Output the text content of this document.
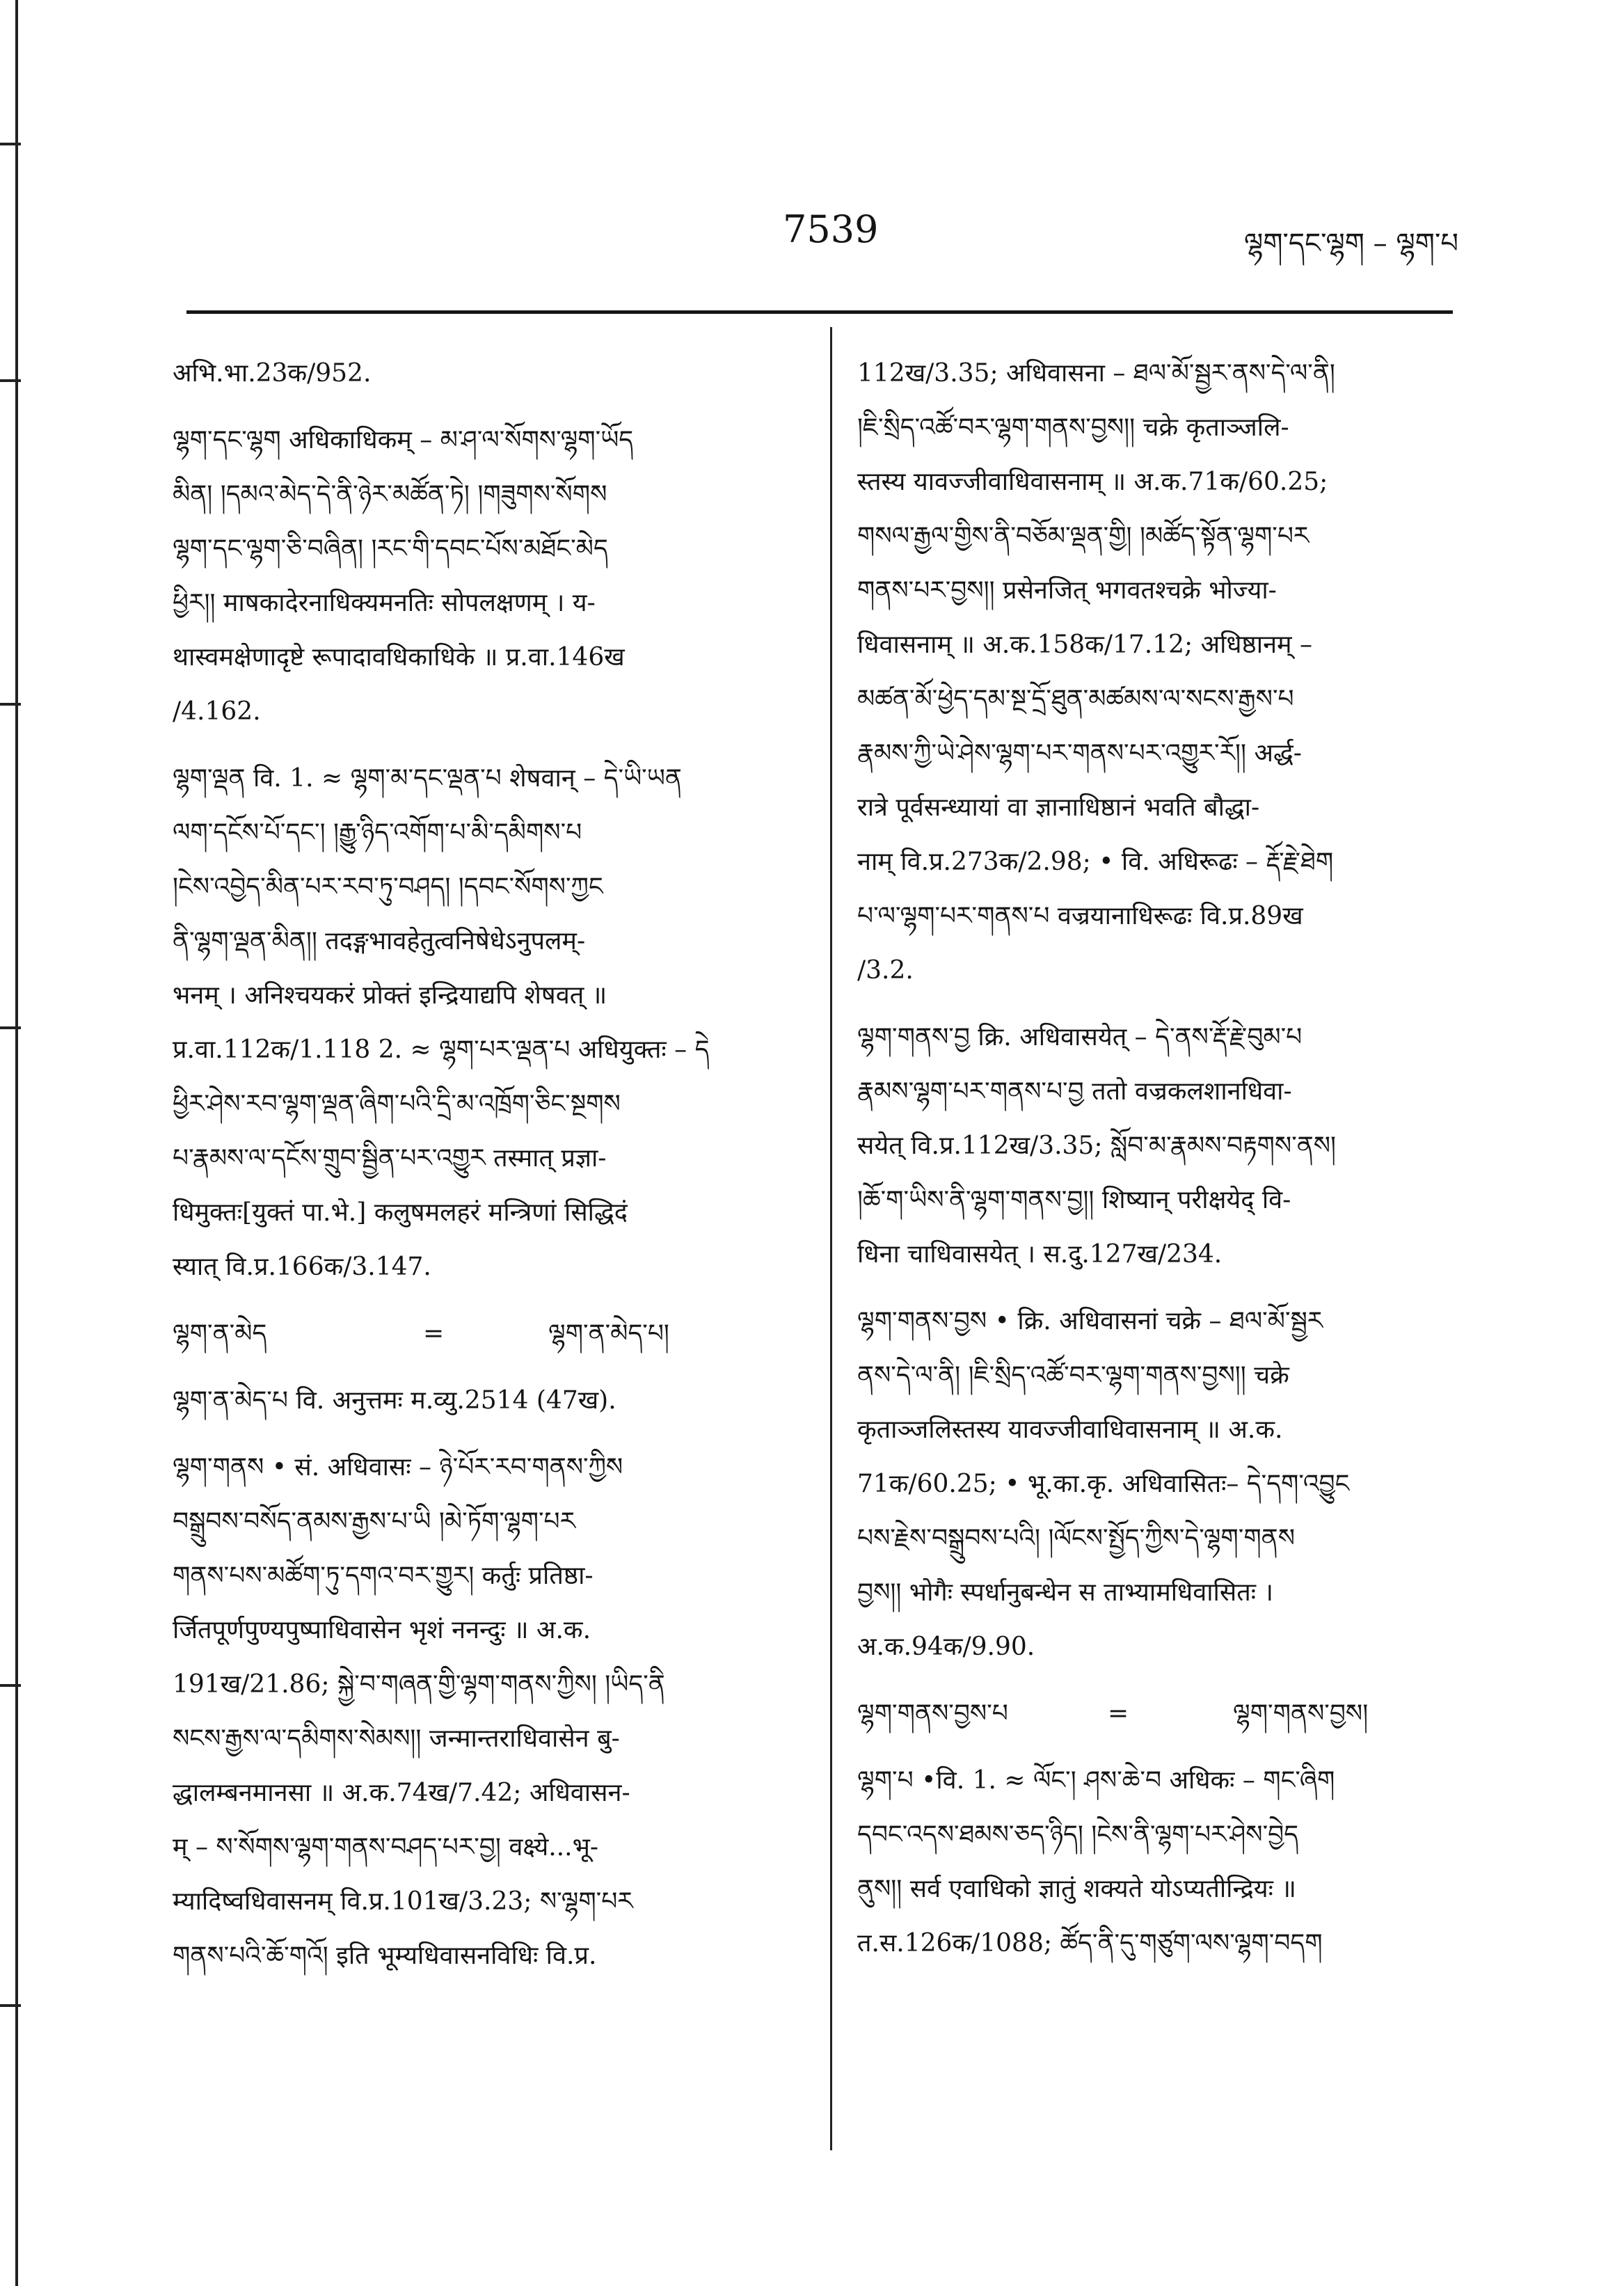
7539	ལྷག་དང་ལྷག – ལྷག་པ
अभि.भा.23क/952.
ལྷག་དང་ལྷག अधिकाधिकम् – མ་ཤ་ལ་སོགས་ལྷག་ཡོད
མིན། །དམའ་མེད་དེ་ནི་ཉེར་མཚོན་ཏེ། །གཟུགས་སོགས
ལྷག་དང་ལྷག་ཅི་བཞིན། །རང་གི་དབང་པོས་མཐོང་མེད
ཕྱིར།། माषकादेरनाधिक्यमनतिः सोपलक्षणम् । य-
थास्वमक्षेणादृष्टे रूपादावधिकाधिके ॥ प्र.वा.146ख
/4.162.
ལྷག་ལྡན वि. 1. ≈ ལྷག་མ་དང་ལྡན་པ शेषवान् – དེ་ཡི་ཡན
ལག་དངོས་པོ་དང་། །རྒྱུ་ཉིད་འགོག་པ་མི་དམིགས་པ
།ངེས་འབྱེད་མིན་པར་རབ་ཏུ་བཤད། །དབང་སོགས་ཀྱང
ནི་ལྷག་ལྡན་མིན།། तदङ्गभावहेतुत्वनिषेधेऽनुपलम्-
भनम् । अनिश्चयकरं प्रोक्तं इन्द्रियाद्यपि शेषवत् ॥
प्र.वा.112क/1.118 2. ≈ ལྷག་པར་ལྡན་པ अधियुक्तः – དེ
ཕྱིར་ཤེས་རབ་ལྷག་ལྡན་ཞིག་པའི་དྲི་མ་འཁྲོག་ཅིང་སྔགས
པ་རྣམས་ལ་དངོས་གྲུབ་སྦྱིན་པར་འགྱུར तस्मात् प्रज्ञा-
धिमुक्तः[युक्तं पा.भे.] कलुषमलहरं मन्त्रिणां सिद्धिदं
स्यात् वि.प्र.166क/3.147.
ལྷག་ན་མེད	=	ལྷག་ན་མེད་པ།
ལྷག་ན་མེད་པ वि. अनुत्तमः म.व्यु.2514 (47ख).
ལྷག་གནས • सं. अधिवासः – ཉེ་པོར་རབ་གནས་ཀྱིས
བསྒྲུབས་བསོད་ནམས་རྒྱས་པ་ཡི །མེ་ཏོག་ལྷག་པར
གནས་པས་མཚོག་ཏུ་དགའ་བར་གྱུར། कर्तुः प्रतिष्ठा-
र्जितपूर्णपुण्यपुष्पाधिवासेन भृशं ननन्दुः ॥ अ.क.
191ख/21.86; སྐྱེ་བ་གཞན་གྱི་ལྷག་གནས་ཀྱིས། །ཡིད་ནི
སངས་རྒྱས་ལ་དམིགས་སེམས།། जन्मान्तराधिवासेन बु-
द्धालम्बनमानसा ॥ अ.क.74ख/7.42; अधिवासन-
म् – ས་སོགས་ལྷག་གནས་བཤད་པར་བྱ། वक्ष्ये...भू-
म्यादिष्वधिवासनम् वि.प्र.101ख/3.23; ས་ལྷག་པར
གནས་པའི་ཆོ་གའོ། इति भूम्यधिवासनविधिः वि.प्र.
112ख/3.35; अधिवासना – ཐལ་མོ་སྦྱར་ནས་དེ་ལ་ནི།
།ཇི་སྲིད་འཚོ་བར་ལྷག་གནས་བྱས།། चक्रे कृताञ्जलि-
स्तस्य यावज्जीवाधिवासनाम् ॥ अ.क.71क/60.25;
གསལ་རྒྱལ་གྱིས་ནི་བཅོམ་ལྡན་གྱི། །མཚོད་སྟོན་ལྷག་པར
གནས་པར་བྱས།། प्रसेनजित् भगवतश्चक्रे भोज्या-
धिवासनाम् ॥ अ.क.158क/17.12; अधिष्ठानम् –
མཚན་མོ་ཕྱེད་དམ་སྔ་དྲོ་ཐུན་མཚམས་ལ་སངས་རྒྱས་པ
རྣམས་ཀྱི་ཡེ་ཤེས་ལྷག་པར་གནས་པར་འགྱུར་རོ།། अर्द्ध-
रात्रे पूर्वसन्ध्यायां वा ज्ञानाधिष्ठानं भवति बौद्धा-
नाम् वि.प्र.273क/2.98; • वि. अधिरूढः – རྡོ་རྗེ་ཐེག
པ་ལ་ལྷག་པར་གནས་པ वज्रयानाधिरूढः वि.प्र.89ख
/3.2.
ལྷག་གནས་བྱ क्रि. अधिवासयेत् – དེ་ནས་རྡོ་རྗེ་བུམ་པ
རྣམས་ལྷག་པར་གནས་པ་བྱ ततो वज्रकलशानधिवा-
सयेत् वि.प्र.112ख/3.35; སློབ་མ་རྣམས་བརྟགས་ནས།
།ཆོ་ག་ཡིས་ནི་ལྷག་གནས་བྱ།། शिष्यान् परीक्षयेद् वि-
धिना चाधिवासयेत् । स.दु.127ख/234.
ལྷག་གནས་བྱས • क्रि. अधिवासनां चक्रे – ཐལ་མོ་སྦྱར
ནས་དེ་ལ་ནི། །ཇི་སྲིད་འཚོ་བར་ལྷག་གནས་བྱས།། चक्रे
कृताञ्जलिस्तस्य यावज्जीवाधिवासनाम् ॥ अ.क.
71क/60.25; • भू.का.कृ. अधिवासितः– དེ་དག་འབྱུང
པས་རྗེས་བསྒྲུབས་པའི། །ལོངས་སྤྱོད་ཀྱིས་དེ་ལྷག་གནས
བྱས།། भोगैः स्पर्धानुबन्धेन स ताभ्यामधिवासितः ।
अ.क.94क/9.90.
ལྷག་གནས་བྱས་པ	=	ལྷག་གནས་བྱས།
ལྷག་པ •वि. 1. ≈ ལོང་། ཤས་ཆེ་བ अधिकः – གང་ཞིག
དབང་འདས་ཐམས་ཅད་ཉིད། །ངེས་ནི་ལྷག་པར་ཤེས་བྱེད
ནུས།། सर्व एवाधिको ज्ञातुं शक्यते योऽप्यतीन्द्रियः ॥
त.स.126क/1088; ཚོད་ནི་དུ་གཙུག་ལས་ལྷག་བདག
